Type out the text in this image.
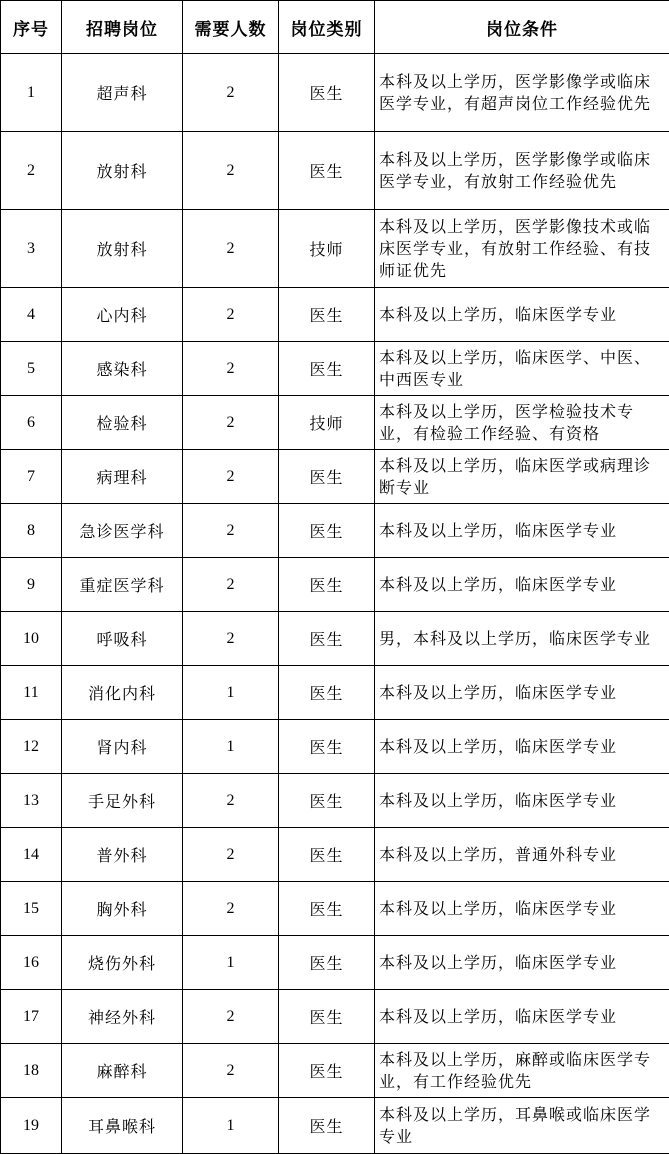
序号	招聘岗位	需要人数	岗位类别	岗位条件
1	超声科	2	医生	本科及以上学历，医学影像学或临床医学专业，有超声岗位工作经验优先
2	放射科	2	医生	本科及以上学历，医学影像学或临床医学专业，有放射工作经验优先
3	放射科	2	技师	本科及以上学历，医学影像技术或临床医学专业，有放射工作经验、有技师证优先
4	心内科	2	医生	本科及以上学历，临床医学专业
5	感染科	2	医生	本科及以上学历，临床医学、中医、中西医专业
6	检验科	2	技师	本科及以上学历，医学检验技术专业，有检验工作经验、有资格
7	病理科	2	医生	本科及以上学历，临床医学或病理诊断专业
8	急诊医学科	2	医生	本科及以上学历，临床医学专业
9	重症医学科	2	医生	本科及以上学历，临床医学专业
10	呼吸科	2	医生	男，本科及以上学历，临床医学专业
11	消化内科	1	医生	本科及以上学历，临床医学专业
12	肾内科	1	医生	本科及以上学历，临床医学专业
13	手足外科	2	医生	本科及以上学历，临床医学专业
14	普外科	2	医生	本科及以上学历，普通外科专业
15	胸外科	2	医生	本科及以上学历，临床医学专业
16	烧伤外科	1	医生	本科及以上学历，临床医学专业
17	神经外科	2	医生	本科及以上学历，临床医学专业
18	麻醉科	2	医生	本科及以上学历，麻醉或临床医学专业，有工作经验优先
19	耳鼻喉科	1	医生	本科及以上学历，耳鼻喉或临床医学专业
